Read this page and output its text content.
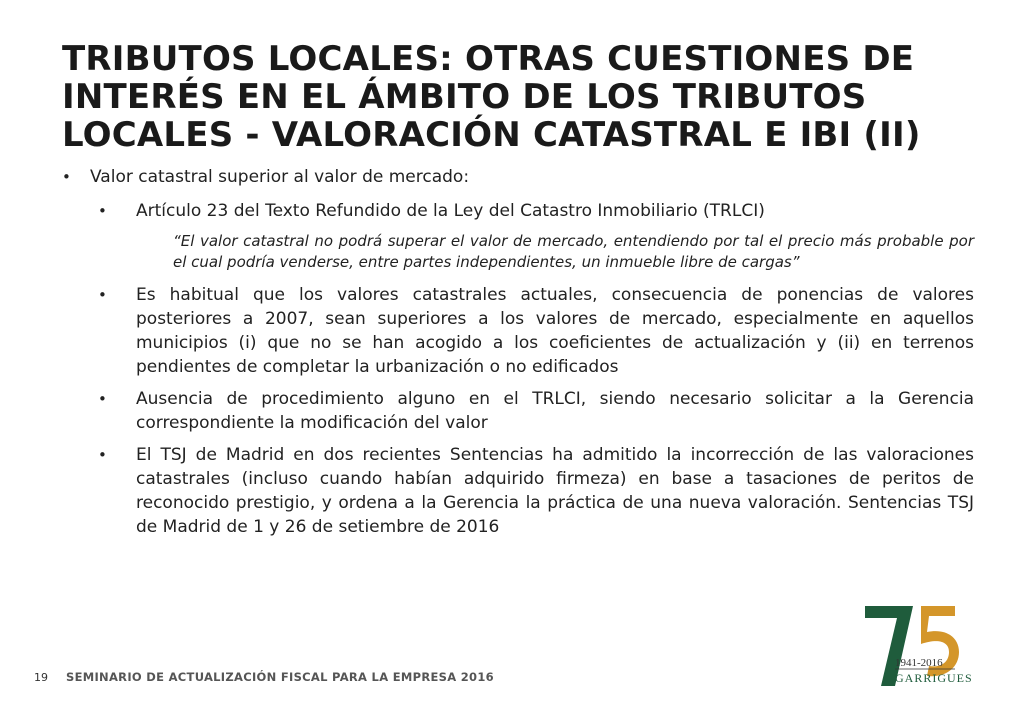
TRIBUTOS LOCALES: OTRAS CUESTIONES DE
INTERÉS EN EL ÁMBITO DE LOS TRIBUTOS
LOCALES - VALORACIÓN CATASTRAL E IBI (II)

• Valor catastral superior al valor de mercado:

• Artículo 23 del Texto Refundido de la Ley del Catastro Inmobiliario (TRLCI)

“El valor catastral no podrá superar el valor de mercado, entendiendo por tal el precio más probable por el cual podría venderse, entre partes independientes, un inmueble libre de cargas”

• Es habitual que los valores catastrales actuales, consecuencia de ponencias de valores posteriores a 2007, sean superiores a los valores de mercado, especialmente en aquellos municipios (i) que no se han acogido a los coeficientes de actualización y (ii) en terrenos pendientes de completar la urbanización o no edificados

• Ausencia de procedimiento alguno en el TRLCI, siendo necesario solicitar a la Gerencia correspondiente la modificación del valor

• El TSJ de Madrid en dos recientes Sentencias ha admitido la incorrección de las valoraciones catastrales (incluso cuando habían adquirido firmeza) en base a tasaciones de peritos de reconocido prestigio, y ordena a la Gerencia la práctica de una nueva valoración. Sentencias TSJ de Madrid de 1 y 26 de setiembre de 2016

19 SEMINARIO DE ACTUALIZACIÓN FISCAL PARA LA EMPRESA 2016
1941-2016
GARRIGUES
